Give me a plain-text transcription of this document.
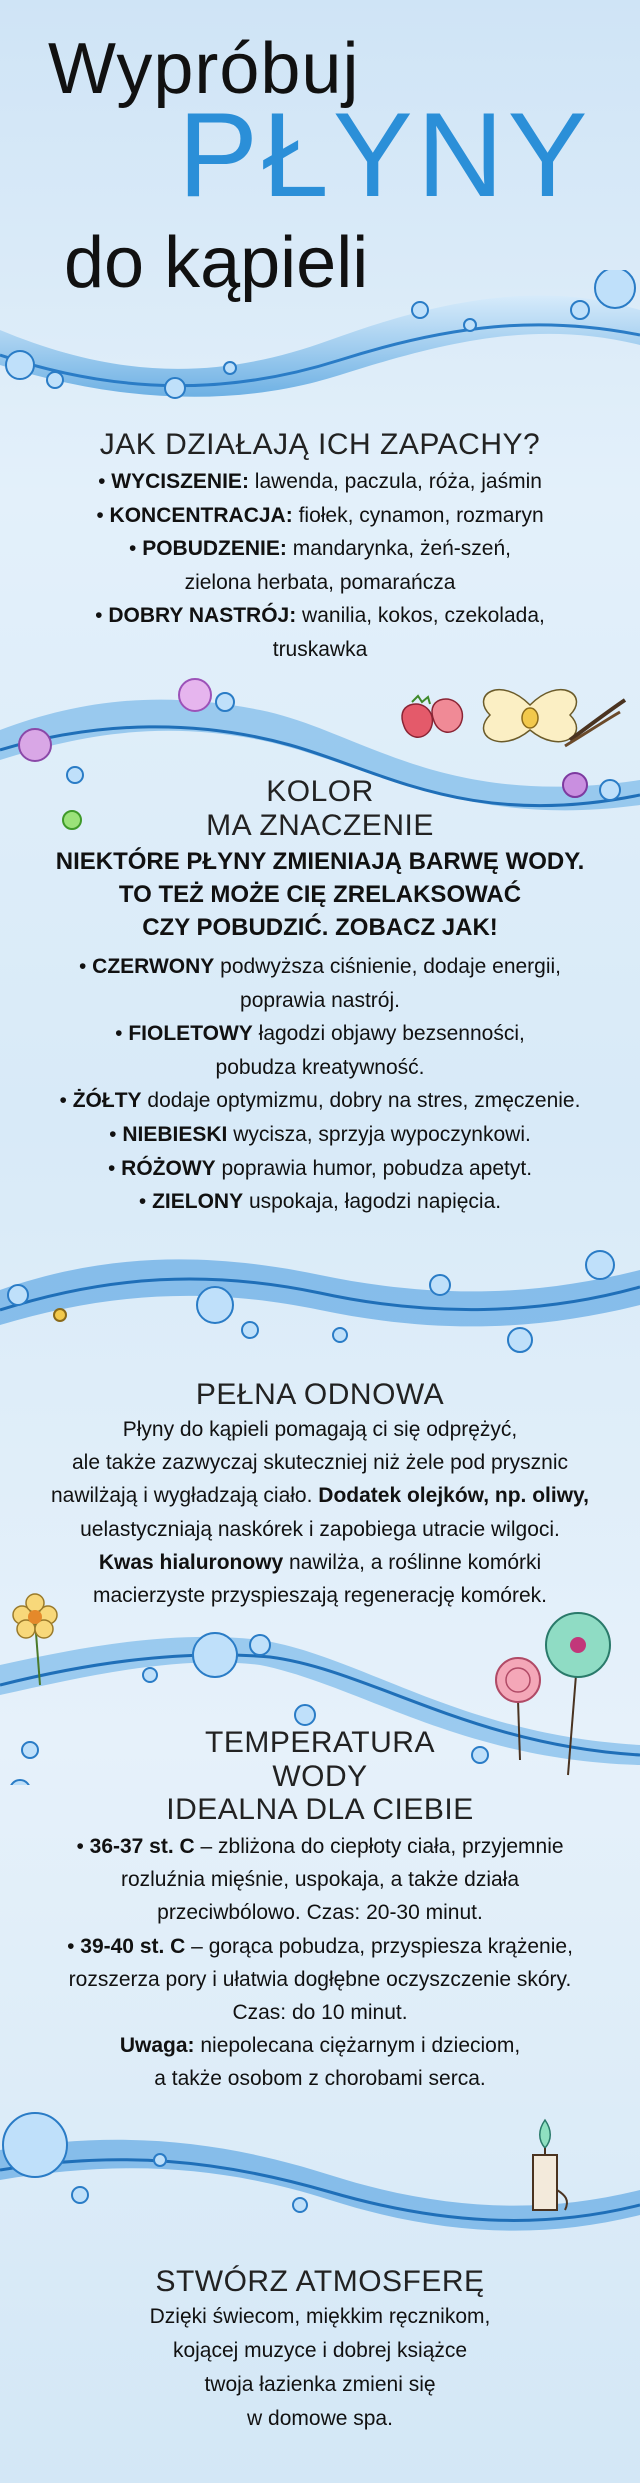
Wypróbuj
PŁYNY
do kąpieli
JAK DZIAŁAJĄ ICH ZAPACHY?
• WYCISZENIE: lawenda, paczula, róża, jaśmin
• KONCENTRACJA: fiołek, cynamon, rozmaryn
• POBUDZENIE: mandarynka, żeń-szeń,
zielona herbata, pomarańcza
• DOBRY NASTRÓJ: wanilia, kokos, czekolada,
truskawka
KOLOR
MA ZNACZENIE
NIEKTÓRE PŁYNY ZMIENIAJĄ BARWĘ WODY.
TO TEŻ MOŻE CIĘ ZRELAKSOWAĆ
CZY POBUDZIĆ. ZOBACZ JAK!
• CZERWONY podwyższa ciśnienie, dodaje energii,
poprawia nastrój.
• FIOLETOWY łagodzi objawy bezsenności,
pobudza kreatywność.
• ŻÓŁTY dodaje optymizmu, dobry na stres, zmęczenie.
• NIEBIESKI wycisza, sprzyja wypoczynkowi.
• RÓŻOWY poprawia humor, pobudza apetyt.
• ZIELONY uspokaja, łagodzi napięcia.
PEŁNA ODNOWA
Płyny do kąpieli pomagają ci się odprężyć,
ale także zazwyczaj skuteczniej niż żele pod prysznic
nawilżają i wygładzają ciało. Dodatek olejków, np. oliwy,
uelastyczniają naskórek i zapobiega utracie wilgoci.
Kwas hialuronowy nawilża, a roślinne komórki
macierzyste przyspieszają regenerację komórek.
TEMPERATURA
WODY
IDEALNA DLA CIEBIE
• 36-37 st. C – zbliżona do ciepłoty ciała, przyjemnie
rozluźnia mięśnie, uspokaja, a także działa
przeciwbólowo. Czas: 20-30 minut.
• 39-40 st. C – gorąca pobudza, przyspiesza krążenie,
rozszerza pory i ułatwia dogłębne oczyszczenie skóry.
Czas: do 10 minut.
Uwaga: niepolecana ciężarnym i dzieciom,
a także osobom z chorobami serca.
STWÓRZ ATMOSFERĘ
Dzięki świecom, miękkim ręcznikom,
kojącej muzyce i dobrej książce
twoja łazienka zmieni się
w domowe spa.
